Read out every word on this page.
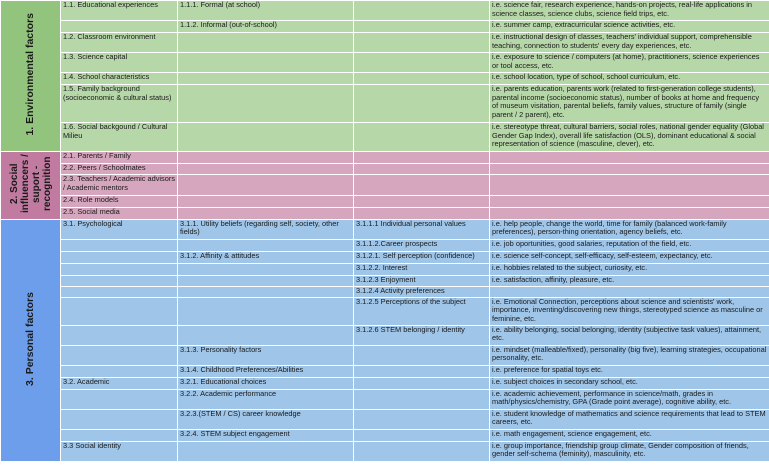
1. Environmental factors	1.1. Educational experiences	1.1.1. Formal (at school)		i.e. science fair, research experience, hands-on projects, real-life applications in science classes, science clubs, science field trips, etc.

		1.1.2. Informal (out-of-school)		i.e. summer camp, extracurricular science activities, etc.

	1.2. Classroom environment			i.e. instructional design of classes, teachers' individual support, comprehensible teaching, connection to students' every day experiences, etc.

	1.3. Science capital			i.e. exposure to science / computers (at home), practitioners, science experiences or tool access, etc.

	1.4. School characteristics			i.e. school location, type of school, school curriculum, etc.

	1.5. Family background (socioeconomic & cultural status)			i.e. parents education, parents work (related to first-generation college students), parental income (socioeconomic status), number of books at home and frequency of museum visitation, parental beliefs, family values, structure of family (single parent / 2 parent), etc.

	1.6. Social backgound / Cultural Milieu			i.e. stereotype threat, cultural barriers, social roles, national gender equality (Global Gender Gap Index), overall life satisfaction (OLS), dominant educational & social representation of science (masculine, clever), etc.

2. Social influencers / suport - recognition	2.1. Parents / Family			

	2.2. Peers / Schoolmates			

	2.3. Teachers / Academic advisors / Academic mentors			

	2.4. Role models			

	2.5. Social media			

3. Personal factors	3.1. Psychological	3.1.1. Utility beliefs (regarding self, society, other fields)	3.1.1.1 Individual personal values	i.e. help people, change the world, time for family (balanced work-family preferences), person-thing orientation, agency beliefs, etc.

			3.1.1.2.Career prospects	i.e. job oportunities, good salaries, reputation of the field, etc.

		3.1.2. Affinity & attitudes	3.1.2.1. Self perception (confidence)	i.e. science self-concept, self-efficacy, self-esteem, expectancy, etc.

			3.1.2.2. Interest	i.e. hobbies related to the subject, curiosity, etc.

			3.1.2.3 Enjoyment	i.e. satisfaction, affinity, pleasure, etc.

			3.1.2.4 Activity preferences	

			3.1.2.5 Perceptions of the subject	i.e. Emotional Connection, perceptions about science and scientists' work, importance, inventing/discovering new things, stereotyped science as masculine or feminine, etc.

			3.1.2.6 STEM belonging / identity	i.e. ability belonging, social belonging, identity (subjective task values), attainment, etc.

		3.1.3. Personality factors		i.e. mindset (malleable/fixed), personality (big five), learning strategies, occupational personality, etc.

		3.1.4. Childhood Preferences/Abilities		i.e. preference for spatial toys etc.

	3.2. Academic	3.2.1. Educational choices		i.e. subject choices in secondary school, etc.

		3.2.2. Academic performance		i.e. academic achievement, performance in science/math, grades in math/physics/chemistry, GPA (Grade point average), cognitive ability, etc.

		3.2.3.(STEM / CS) career knowledge		i.e. student knowledge of mathematics and science requirements that lead to STEM careers, etc.

		3.2.4. STEM subject engagement		i.e. math engagement, science engagement, etc.

	3.3 Social identity			i.e. group importance, friendship group climate, Gender composition of friends, gender self-schema (feminity), masculinity, etc.
